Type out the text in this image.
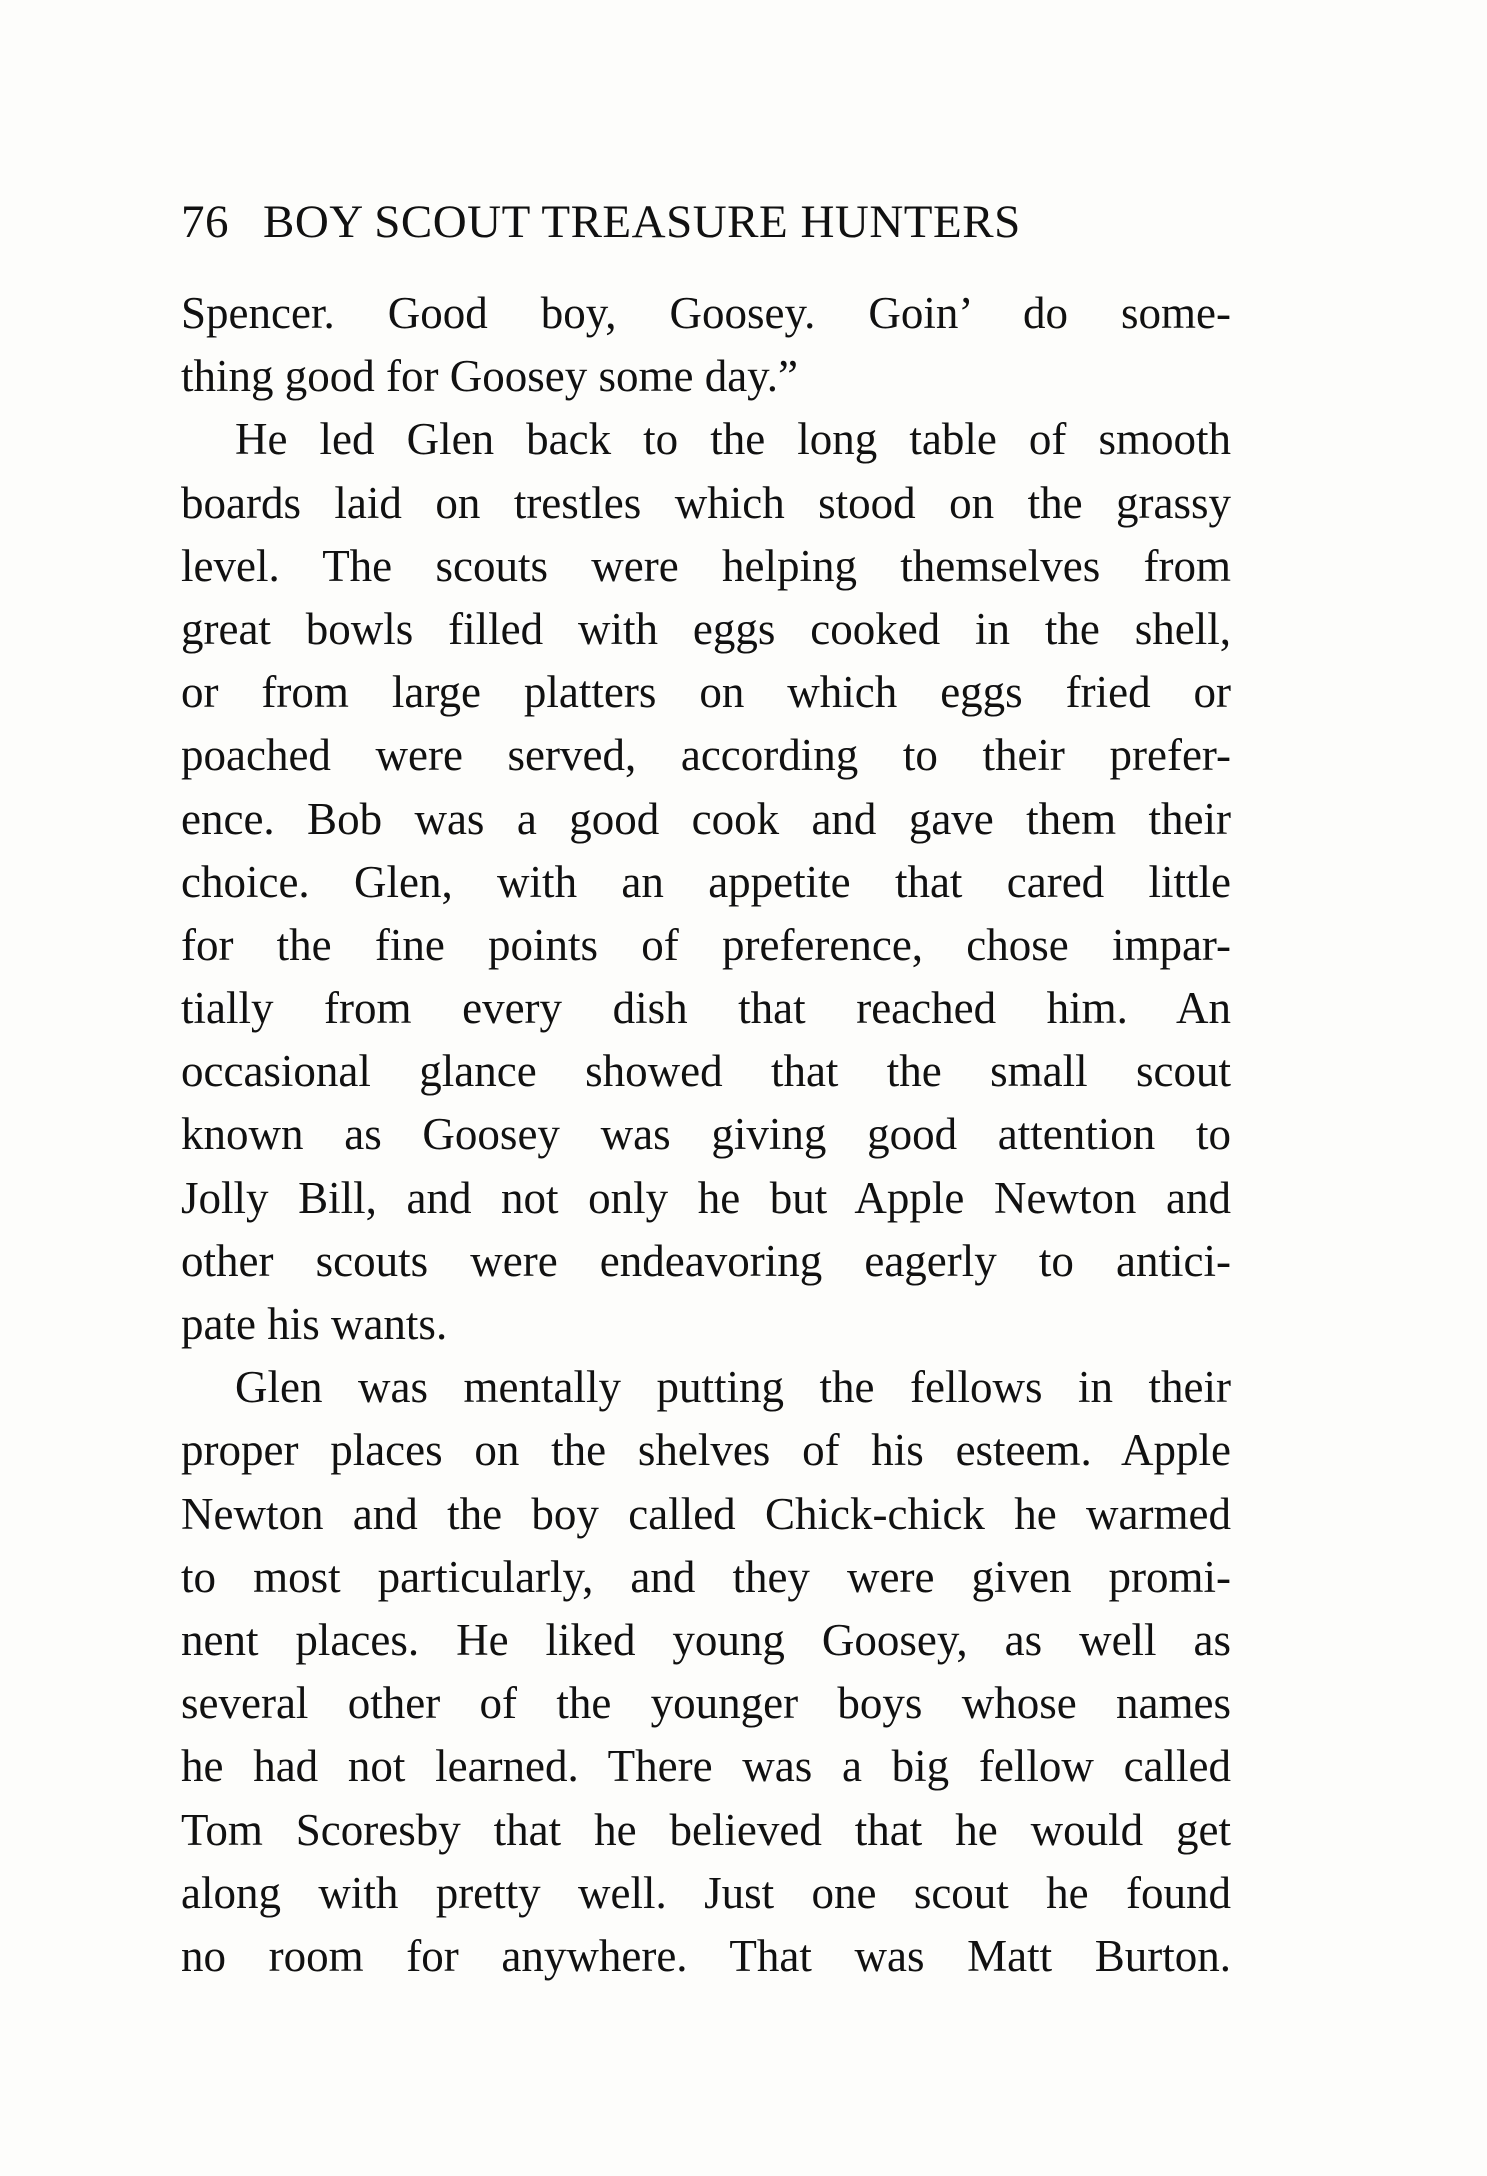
76 BOY SCOUT TREASURE HUNTERS
Spencer. Good boy, Goosey. Goin’ do some-
thing good for Goosey some day.”
He led Glen back to the long table of smooth
boards laid on trestles which stood on the grassy
level. The scouts were helping themselves from
great bowls filled with eggs cooked in the shell,
or from large platters on which eggs fried or
poached were served, according to their prefer-
ence. Bob was a good cook and gave them their
choice. Glen, with an appetite that cared little
for the fine points of preference, chose impar-
tially from every dish that reached him. An
occasional glance showed that the small scout
known as Goosey was giving good attention to
Jolly Bill, and not only he but Apple Newton and
other scouts were endeavoring eagerly to antici-
pate his wants.
Glen was mentally putting the fellows in their
proper places on the shelves of his esteem. Apple
Newton and the boy called Chick-chick he warmed
to most particularly, and they were given promi-
nent places. He liked young Goosey, as well as
several other of the younger boys whose names
he had not learned. There was a big fellow called
Tom Scoresby that he believed that he would get
along with pretty well. Just one scout he found
no room for anywhere. That was Matt Burton.
